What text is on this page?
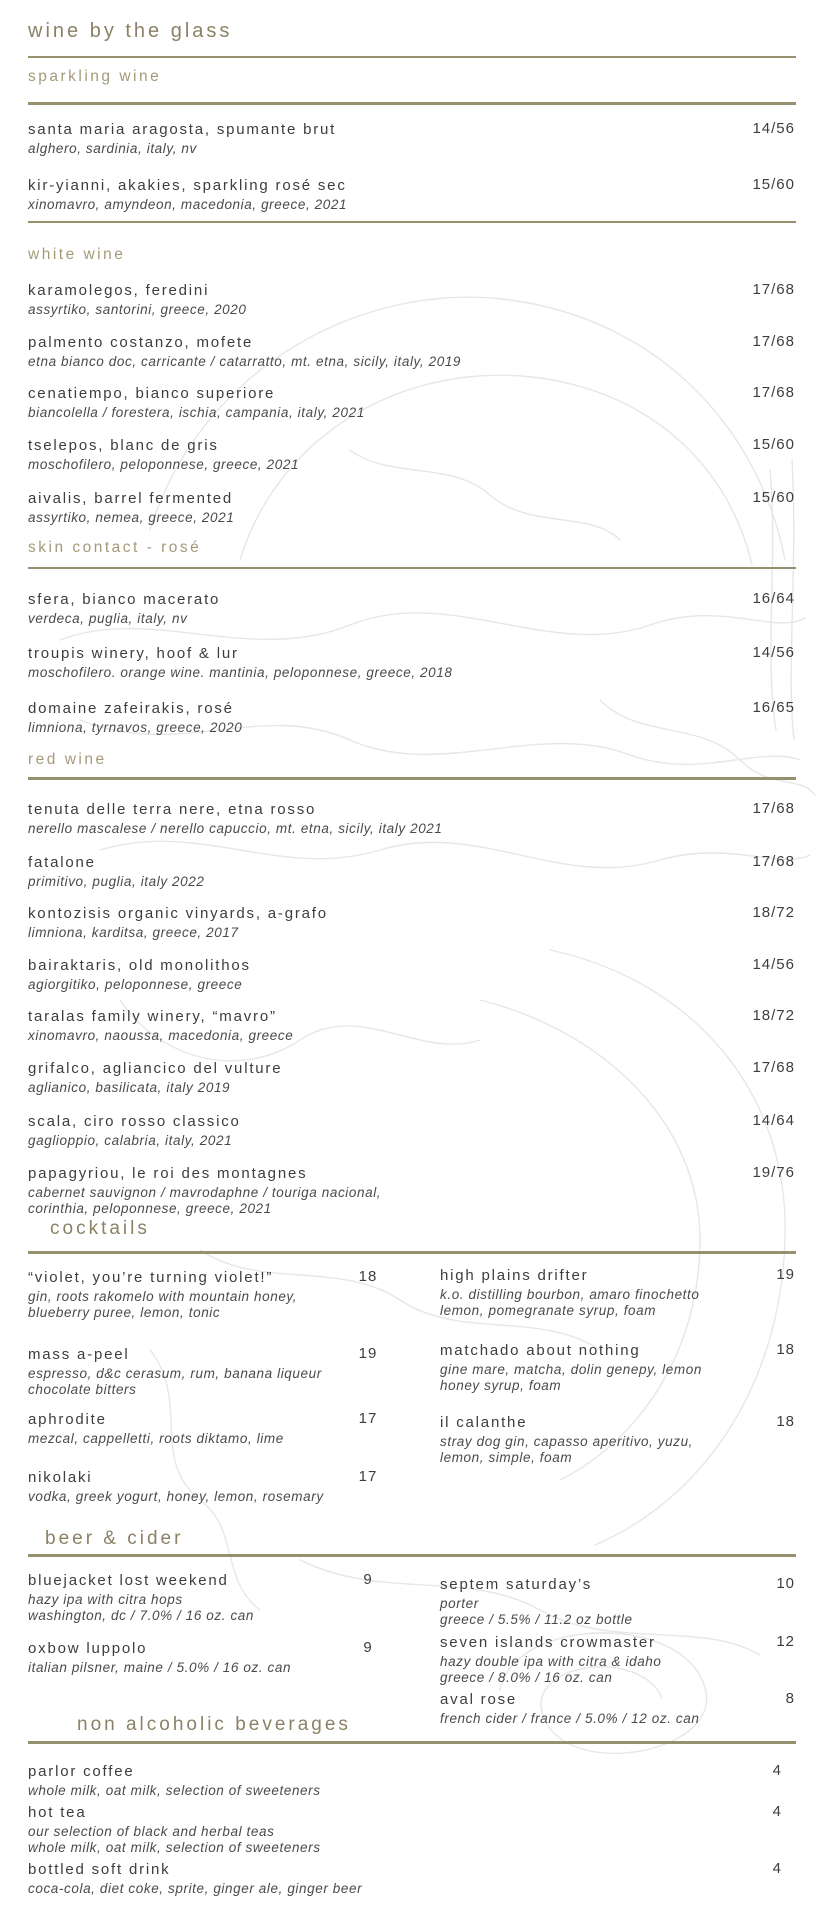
wine by the glass
sparkling wine
santa maria aragosta, spumante brut	14/56
alghero, sardinia, italy, nv
kir-yianni, akakies, sparkling rosé sec	15/60
xinomavro, amyndeon, macedonia, greece, 2021
white wine
karamolegos, feredini	17/68
assyrtiko, santorini, greece, 2020
palmento costanzo, mofete	17/68
etna bianco doc, carricante / catarratto, mt. etna, sicily, italy, 2019
cenatiempo, bianco superiore	17/68
biancolella / forestera, ischia, campania, italy, 2021
tselepos, blanc de gris	15/60
moschofilero, peloponnese, greece, 2021
aivalis, barrel fermented	15/60
assyrtiko, nemea, greece, 2021
skin contact - rosé
sfera, bianco macerato	16/64
verdeca, puglia, italy, nv
troupis winery, hoof & lur	14/56
moschofilero. orange wine. mantinia, peloponnese, greece, 2018
domaine zafeirakis, rosé	16/65
limniona, tyrnavos, greece, 2020
red wine
tenuta delle terra nere, etna rosso	17/68
nerello mascalese / nerello capuccio, mt. etna, sicily, italy 2021
fatalone	17/68
primitivo, puglia, italy 2022
kontozisis organic vinyards, a-grafo	18/72
limniona, karditsa, greece, 2017
bairaktaris, old monolithos	14/56
agiorgitiko, peloponnese, greece
taralas family winery, “mavro”	18/72
xinomavro, naoussa, macedonia, greece
grifalco, agliancico del vulture	17/68
aglianico, basilicata, italy 2019
scala, ciro rosso classico	14/64
gaglioppio, calabria, italy, 2021
papagyriou, le roi des montagnes	19/76
cabernet sauvignon / mavrodaphne / touriga nacional,
corinthia, peloponnese, greece, 2021
cocktails
“violet, you’re turning violet!”	18
gin, roots rakomelo with mountain honey,
blueberry puree, lemon, tonic
mass a-peel	19
espresso, d&c cerasum, rum, banana liqueur
chocolate bitters
aphrodite	17
mezcal, cappelletti, roots diktamo, lime
nikolaki	17
vodka, greek yogurt, honey, lemon, rosemary
high plains drifter	19
k.o. distilling bourbon, amaro finochetto
lemon, pomegranate syrup, foam
matchado about nothing	18
gine mare, matcha, dolin genepy, lemon
honey syrup, foam
il calanthe	18
stray dog gin, capasso aperitivo, yuzu,
lemon, simple, foam
beer & cider
bluejacket lost weekend	9
hazy ipa with citra hops
washington, dc / 7.0% / 16 oz. can
oxbow luppolo	9
italian pilsner, maine / 5.0% / 16 oz. can
septem saturday’s	10
porter
greece / 5.5% / 11.2 oz bottle
seven islands crowmaster	12
hazy double ipa with citra & idaho
greece / 8.0% / 16 oz. can
aval rose	8
french cider / france / 5.0% / 12 oz. can
non alcoholic beverages
parlor coffee	4
whole milk, oat milk, selection of sweeteners
hot tea	4
our selection of black and herbal teas
whole milk, oat milk, selection of sweeteners
bottled soft drink	4
coca-cola, diet coke, sprite, ginger ale, ginger beer
